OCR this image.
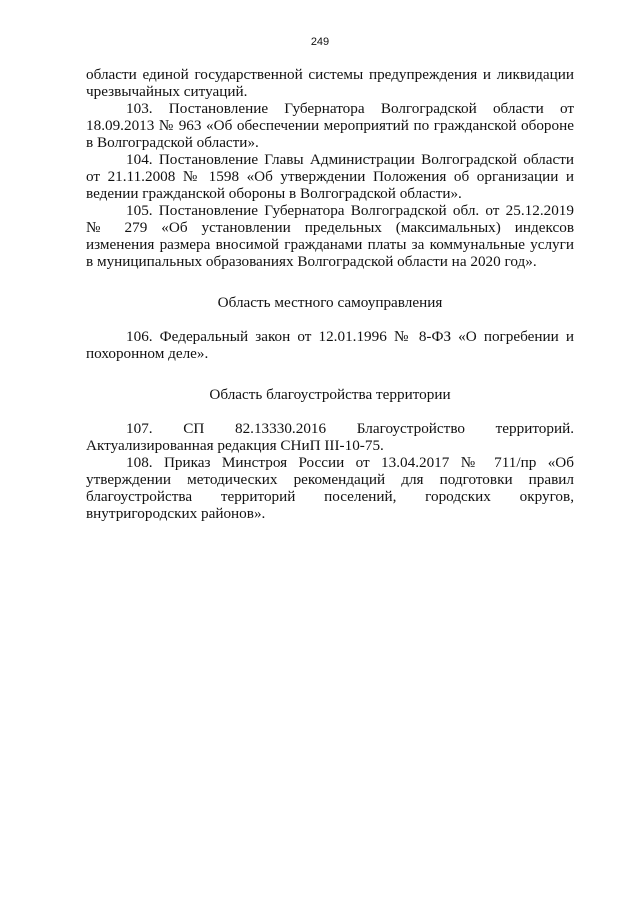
249

области единой государственной системы предупреждения и ликвидации чрезвычайных ситуаций.

103. Постановление Губернатора Волгоградской области от 18.09.2013 № 963 «Об обеспечении мероприятий по гражданской обороне в Волгоградской области».

104. Постановление Главы Администрации Волгоградской области от 21.11.2008 № 1598 «Об утверждении Положения об организации и ведении гражданской обороны в Волгоградской области».

105. Постановление Губернатора Волгоградской обл. от 25.12.2019 № 279 «Об установлении предельных (максимальных) индексов изменения размера вносимой гражданами платы за коммунальные услуги в муниципальных образованиях Волгоградской области на 2020 год».

Область местного самоуправления

106. Федеральный закон от 12.01.1996 № 8-ФЗ «О погребении и похоронном деле».

Область благоустройства территории

107. СП 82.13330.2016 Благоустройство территорий. Актуализированная редакция СНиП III-10-75.

108. Приказ Минстроя России от 13.04.2017 № 711/пр «Об утверждении методических рекомендаций для подготовки правил благоустройства территорий поселений, городских округов, внутригородских районов».
